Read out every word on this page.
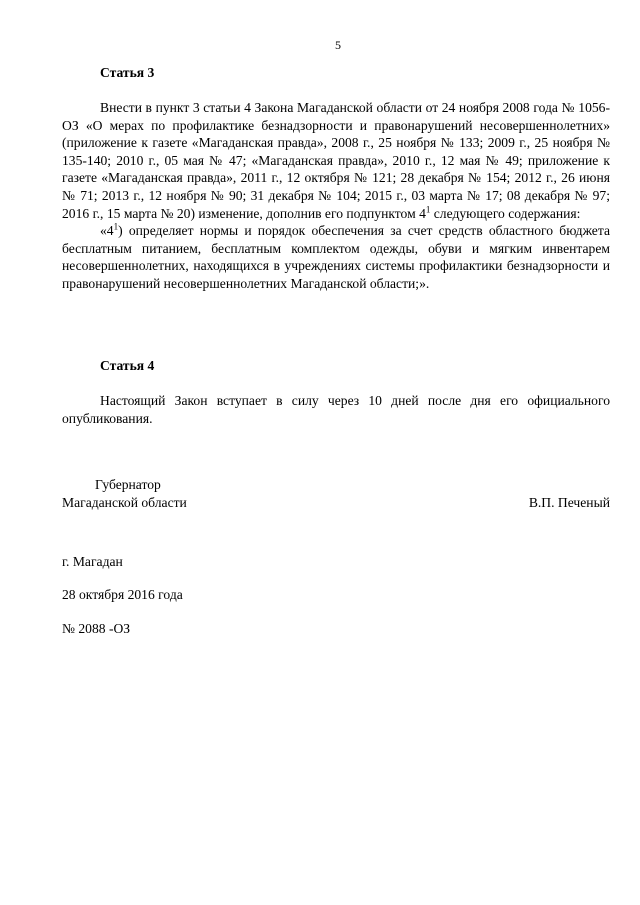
5
Статья 3

Внести в пункт 3 статьи 4 Закона Магаданской области от 24 ноября 2008 года № 1056-ОЗ «О мерах по профилактике безнадзорности и правонарушений несовершеннолетних» (приложение к газете «Магаданская правда», 2008 г., 25 ноября № 133; 2009 г., 25 ноября № 135-140; 2010 г., 05 мая № 47; «Магаданская правда», 2010 г., 12 мая № 49; приложение к газете «Магаданская правда», 2011 г., 12 октября № 121; 28 декабря № 154; 2012 г., 26 июня № 71; 2013 г., 12 ноября № 90; 31 декабря № 104; 2015 г., 03 марта № 17; 08 декабря № 97; 2016 г., 15 марта № 20) изменение, дополнив его подпунктом $4^1$ следующего содержания:

«$4^1$) определяет нормы и порядок обеспечения за счет средств областного бюджета бесплатным питанием, бесплатным комплектом одежды, обуви и мягким инвентарем несовершеннолетних, находящихся в учреждениях системы профилактики безнадзорности и правонарушений несовершеннолетних Магаданской области;».

Статья 4

Настоящий Закон вступает в силу через 10 дней после дня его официального опубликования.

Губернатор
Магаданской области	В.П. Печеный
г. Магадан
28 октября 2016 года
№ 2088 -ОЗ
